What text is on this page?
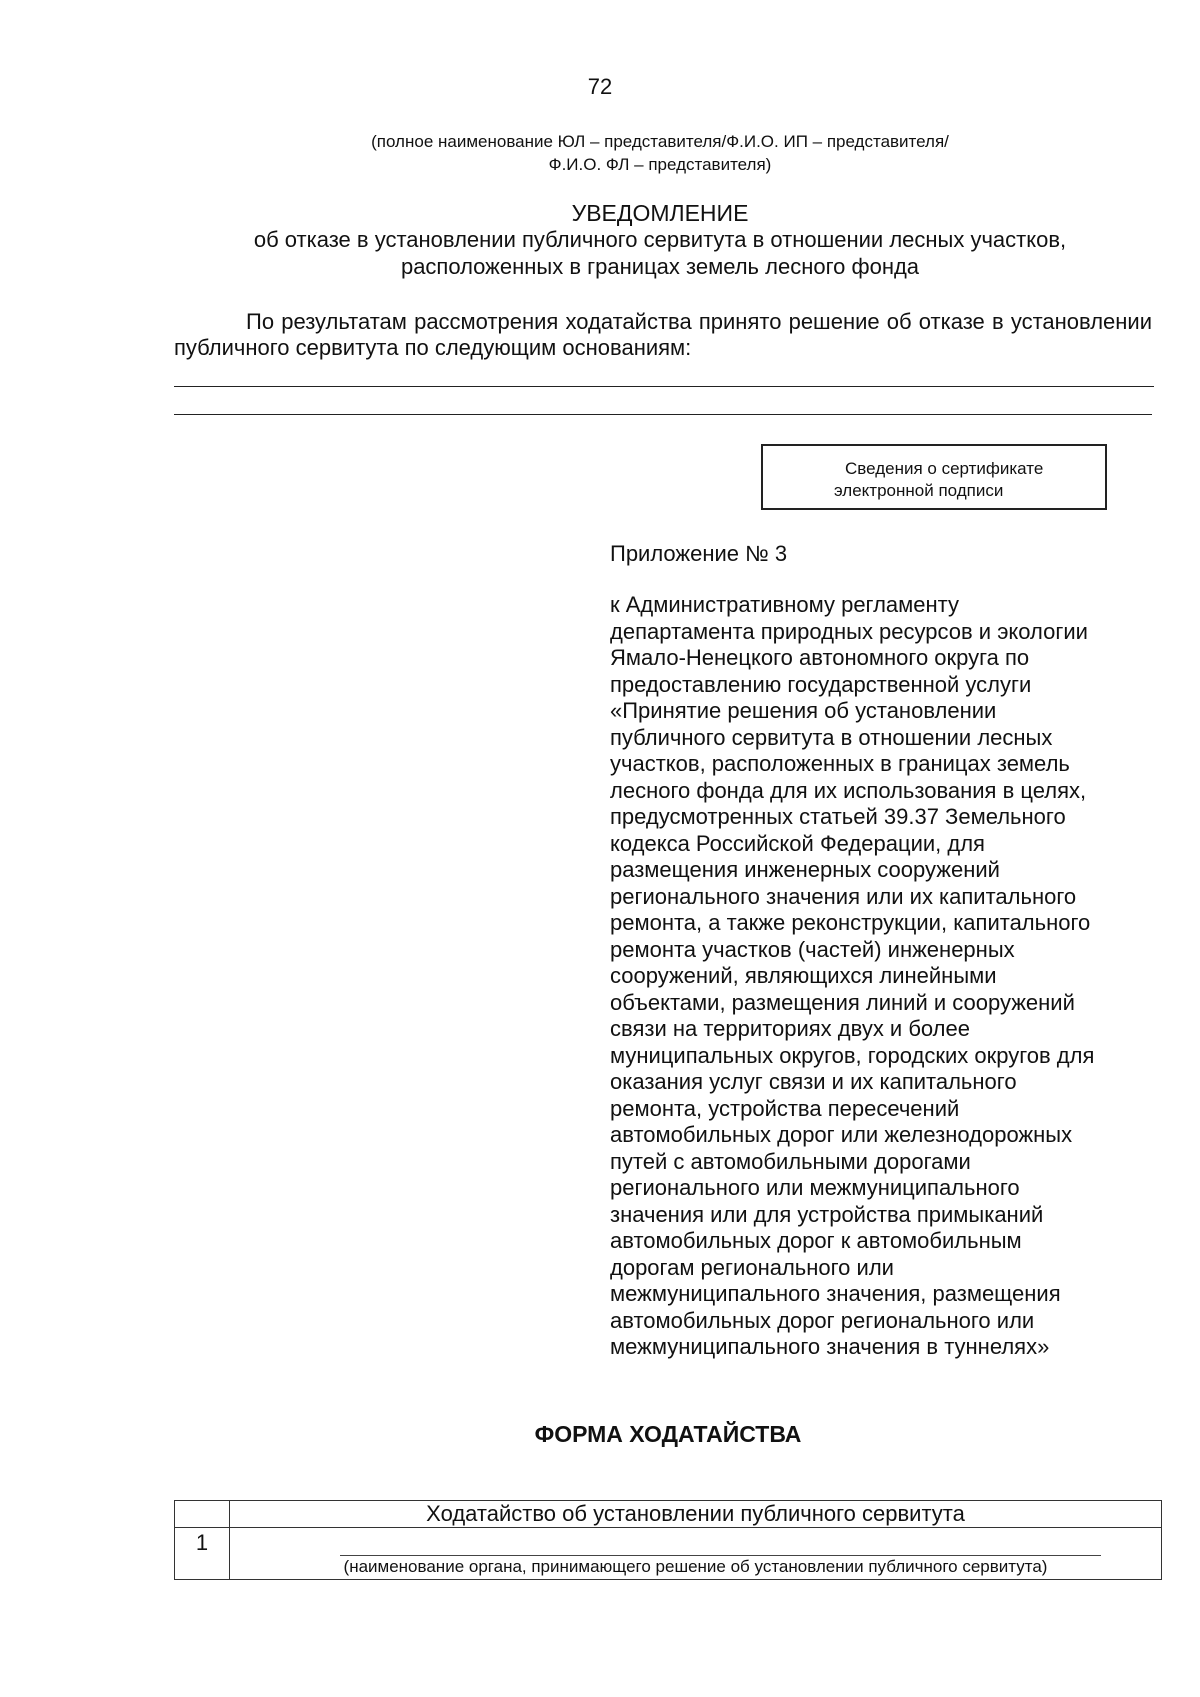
72
(полное наименование ЮЛ – представителя/Ф.И.О. ИП – представителя/
Ф.И.О. ФЛ – представителя)
УВЕДОМЛЕНИЕ
об отказе в установлении публичного сервитута в отношении лесных участков,
расположенных в границах земель лесного фонда
По результатам рассмотрения ходатайства принято решение об отказе в установлении публичного сервитута по следующим основаниям:
Сведения о сертификате
электронной подписи
Приложение № 3
к Административному регламенту
департамента природных ресурсов и экологии
Ямало-Ненецкого автономного округа по
предоставлению государственной услуги
«Принятие решения об установлении
публичного сервитута в отношении лесных
участков, расположенных в границах земель
лесного фонда для их использования в целях,
предусмотренных статьей 39.37 Земельного
кодекса Российской Федерации, для
размещения инженерных сооружений
регионального значения или их капитального
ремонта, а также реконструкции, капитального
ремонта участков (частей) инженерных
сооружений, являющихся линейными
объектами, размещения линий и сооружений
связи на территориях двух и более
муниципальных округов, городских округов для
оказания услуг связи и их капитального
ремонта, устройства пересечений
автомобильных дорог или железнодорожных
путей с автомобильными дорогами
регионального или межмуниципального
значения или для устройства примыканий
автомобильных дорог к автомобильным
дорогам регионального или
межмуниципального значения, размещения
автомобильных дорог регионального или
межмуниципального значения в туннелях»
ФОРМА ХОДАТАЙСТВА
	Ходатайство об установлении публичного сервитута
1	(наименование органа, принимающего решение об установлении публичного сервитута)
